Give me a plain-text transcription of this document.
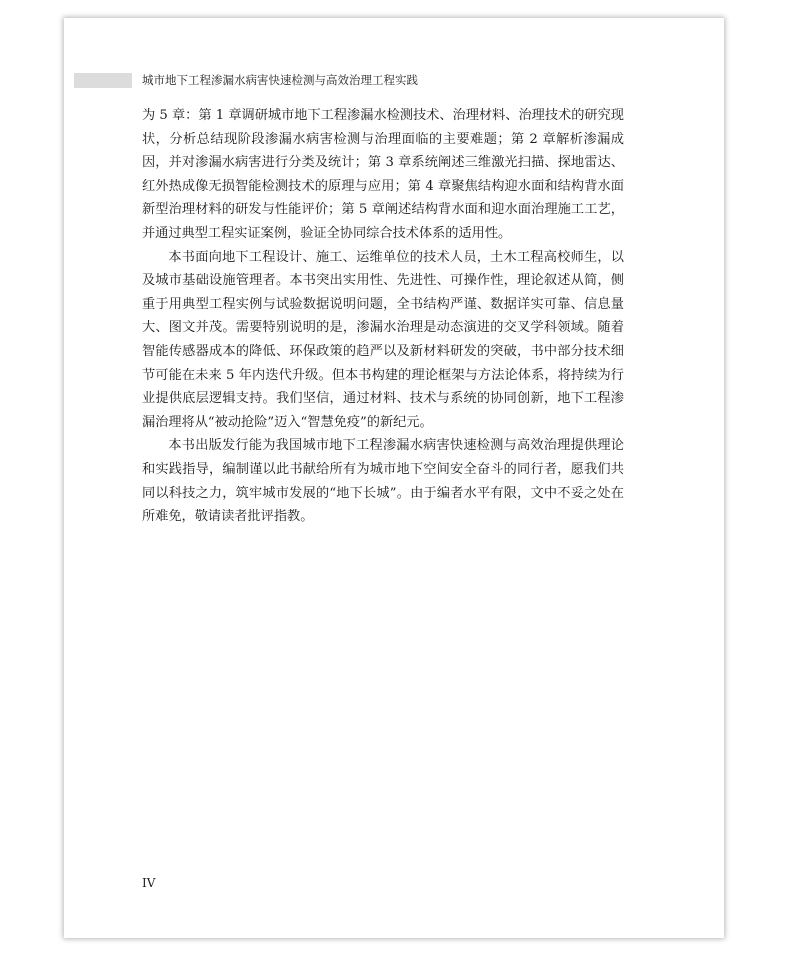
城市地下工程渗漏水病害快速检测与高效治理工程实践

为 5 章：第 1 章调研城市地下工程渗漏水检测技术、治理材料、治理技术的研究现状，分析总结现阶段渗漏水病害检测与治理面临的主要难题；第 2 章解析渗漏成因，并对渗漏水病害进行分类及统计；第 3 章系统阐述三维激光扫描、探地雷达、红外热成像无损智能检测技术的原理与应用；第 4 章聚焦结构迎水面和结构背水面新型治理材料的研发与性能评价；第 5 章阐述结构背水面和迎水面治理施工工艺，并通过典型工程实证案例，验证全协同综合技术体系的适用性。

本书面向地下工程设计、施工、运维单位的技术人员，土木工程高校师生，以及城市基础设施管理者。本书突出实用性、先进性、可操作性，理论叙述从简，侧重于用典型工程实例与试验数据说明问题，全书结构严谨、数据详实可靠、信息量大、图文并茂。需要特别说明的是，渗漏水治理是动态演进的交叉学科领域。随着智能传感器成本的降低、环保政策的趋严以及新材料研发的突破，书中部分技术细节可能在未来 5 年内迭代升级。但本书构建的理论框架与方法论体系，将持续为行业提供底层逻辑支持。我们坚信，通过材料、技术与系统的协同创新，地下工程渗漏治理将从“被动抢险”迈入“智慧免疫”的新纪元。

本书出版发行能为我国城市地下工程渗漏水病害快速检测与高效治理提供理论和实践指导，编制谨以此书献给所有为城市地下空间安全奋斗的同行者，愿我们共同以科技之力，筑牢城市发展的“地下长城”。由于编者水平有限，文中不妥之处在所难免，敬请读者批评指教。

IV
